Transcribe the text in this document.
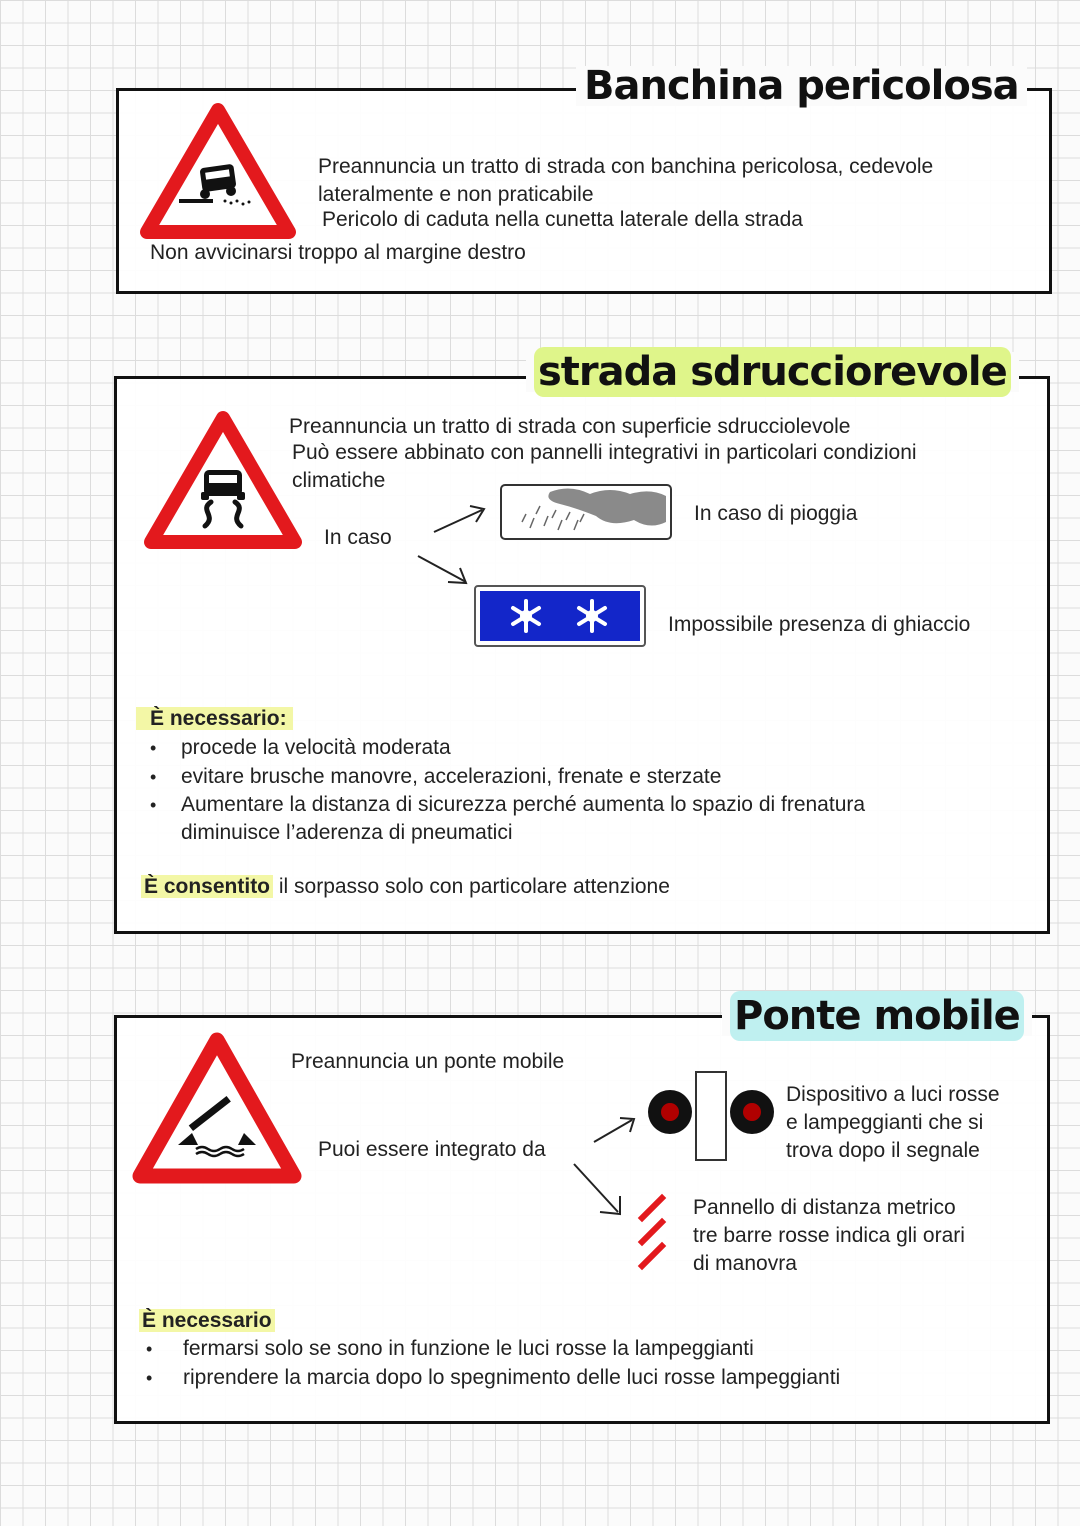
Banchina pericolosa
Preannuncia un tratto di strada con banchina pericolosa, cedevole
lateralmente e non praticabile
Pericolo di caduta nella cunetta laterale della strada
Non avvicinarsi troppo al margine destro
strada sdrucciorevole
Preannuncia un tratto di strada con superficie sdrucciolevole
Può essere abbinato con pannelli integrativi in particolari condizioni
climatiche
In caso
In caso di pioggia
Impossibile presenza di ghiaccio
È necessario:
• procede la velocità moderata
• evitare brusche manovre, accelerazioni, frenate e sterzate
• Aumentare la distanza di sicurezza perché aumenta lo spazio di frenatura
diminuisce l’aderenza di pneumatici
È consentito il sorpasso solo con particolare attenzione
Ponte mobile
Preannuncia un ponte mobile
Puoi essere integrato da
Dispositivo a luci rosse
e lampeggianti che si
trova dopo il segnale
Pannello di distanza metrico
tre barre rosse indica gli orari
di manovra
È necessario
• fermarsi solo se sono in funzione le luci rosse la lampeggianti
• riprendere la marcia dopo lo spegnimento delle luci rosse lampeggianti
